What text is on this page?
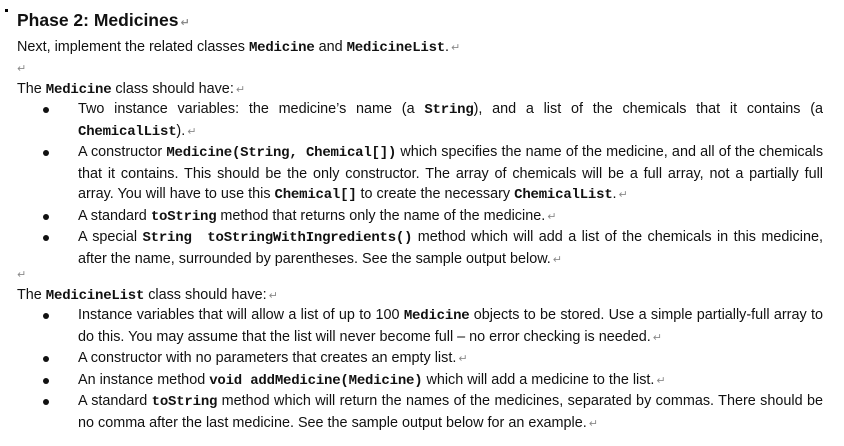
Phase 2: Medicines ↵
Next, implement the related classes Medicine and MedicineList. ↵
↵
The Medicine class should have: ↵
Two instance variables: the medicine’s name (a String), and a list of the chemicals that it contains (a ChemicalList). ↵
A constructor Medicine(String, Chemical[]) which specifies the name of the medicine, and all of the chemicals that it contains. This should be the only constructor. The array of chemicals will be a full array, not a partially full array. You will have to use this Chemical[] to create the necessary ChemicalList. ↵
A standard toString method that returns only the name of the medicine. ↵
A special String toStringWithIngredients() method which will add a list of the chemicals in this medicine, after the name, surrounded by parentheses. See the sample output below. ↵
↵
The MedicineList class should have: ↵
Instance variables that will allow a list of up to 100 Medicine objects to be stored. Use a simple partially-full array to do this. You may assume that the list will never become full – no error checking is needed. ↵
A constructor with no parameters that creates an empty list. ↵
An instance method void addMedicine(Medicine) which will add a medicine to the list. ↵
A standard toString method which will return the names of the medicines, separated by commas. There should be no comma after the last medicine. See the sample output below for an example. ↵
